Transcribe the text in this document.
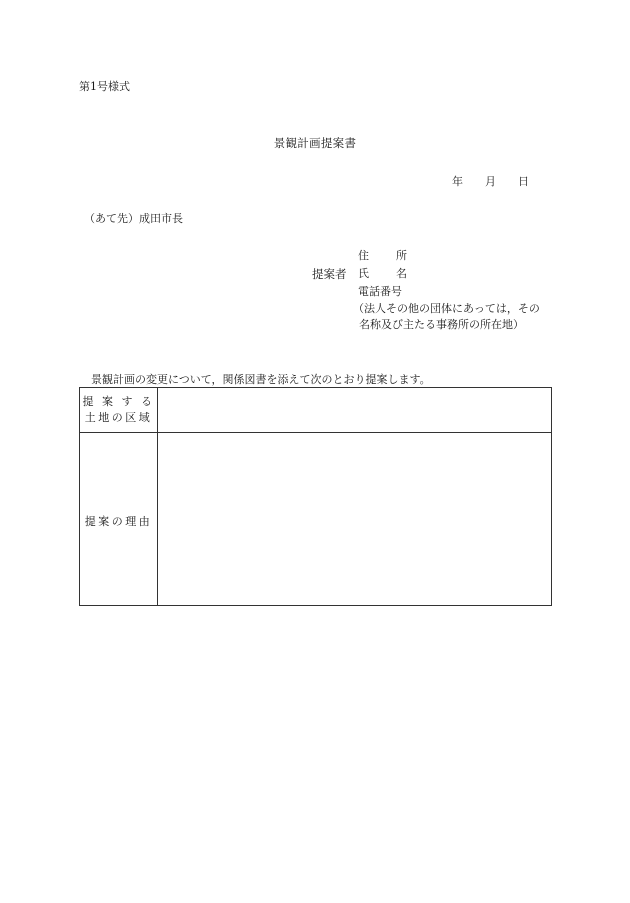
第1号様式
景観計画提案書
年 月 日
（あて先）成田市長
提案者
住 所
氏 名
電話番号
（法人その他の団体にあっては，その
名称及び主たる事務所の所在地）
景観計画の変更について，関係図書を添えて次のとおり提案します。
提 案 す る
土地の区域
提案の理由
